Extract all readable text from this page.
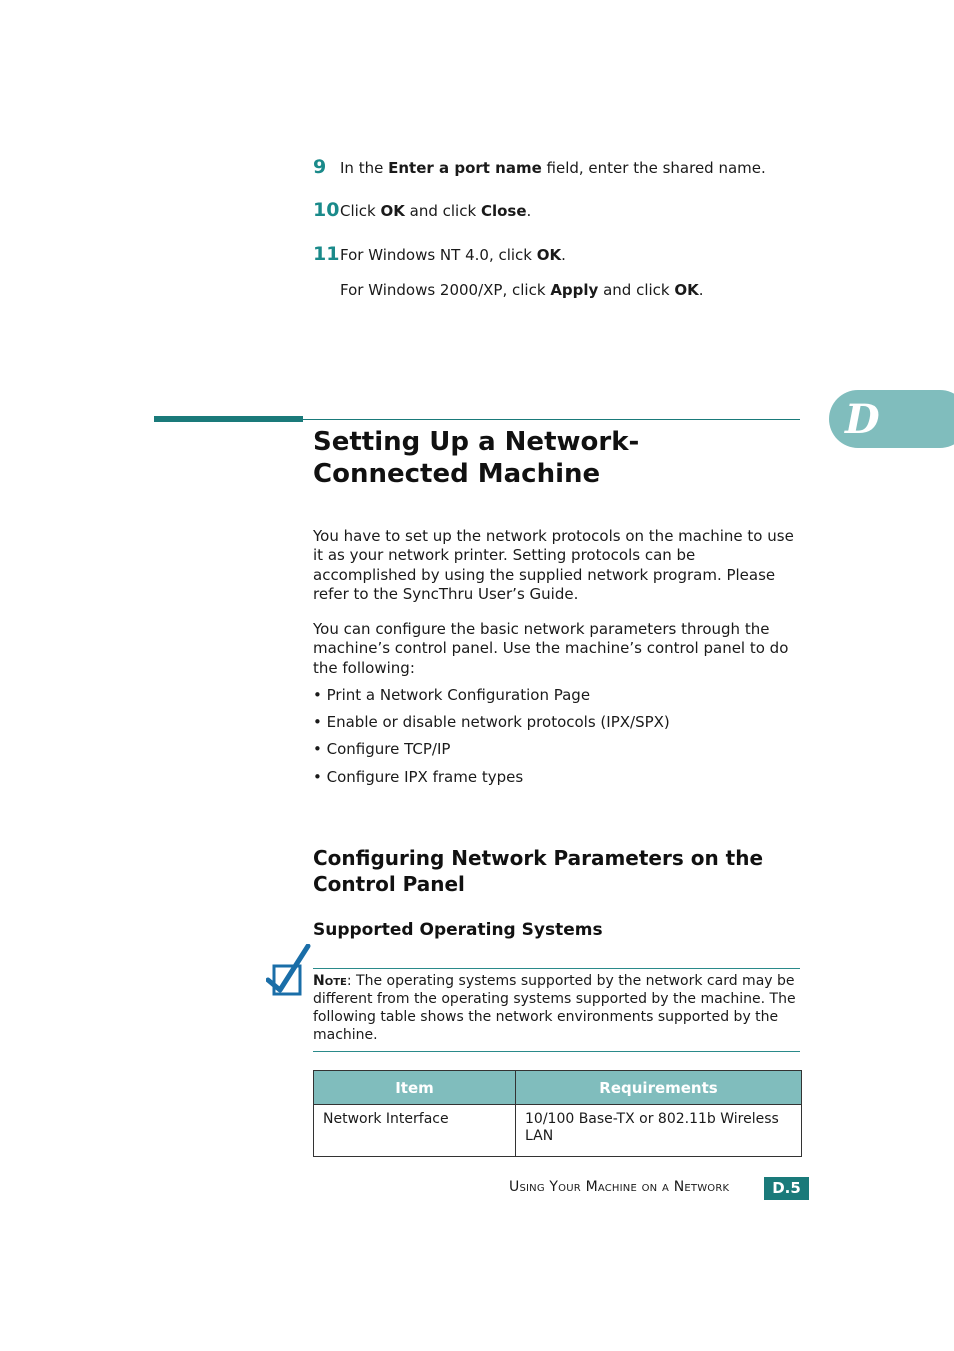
9 In the Enter a port name field, enter the shared name.
10 Click OK and click Close.
11 For Windows NT 4.0, click OK.
For Windows 2000/XP, click Apply and click OK.
D
Setting Up a Network-Connected Machine
You have to set up the network protocols on the machine to use it as your network printer. Setting protocols can be accomplished by using the supplied network program. Please refer to the SyncThru User’s Guide.
You can configure the basic network parameters through the machine’s control panel. Use the machine’s control panel to do the following:
• Print a Network Configuration Page
• Enable or disable network protocols (IPX/SPX)
• Configure TCP/IP
• Configure IPX frame types
Configuring Network Parameters on the Control Panel
Supported Operating Systems
Note: The operating systems supported by the network card may be different from the operating systems supported by the machine. The following table shows the network environments supported by the machine.
Item	Requirements
Network Interface	10/100 Base-TX or 802.11b Wireless LAN
Using Your Machine on a Network	D.5
